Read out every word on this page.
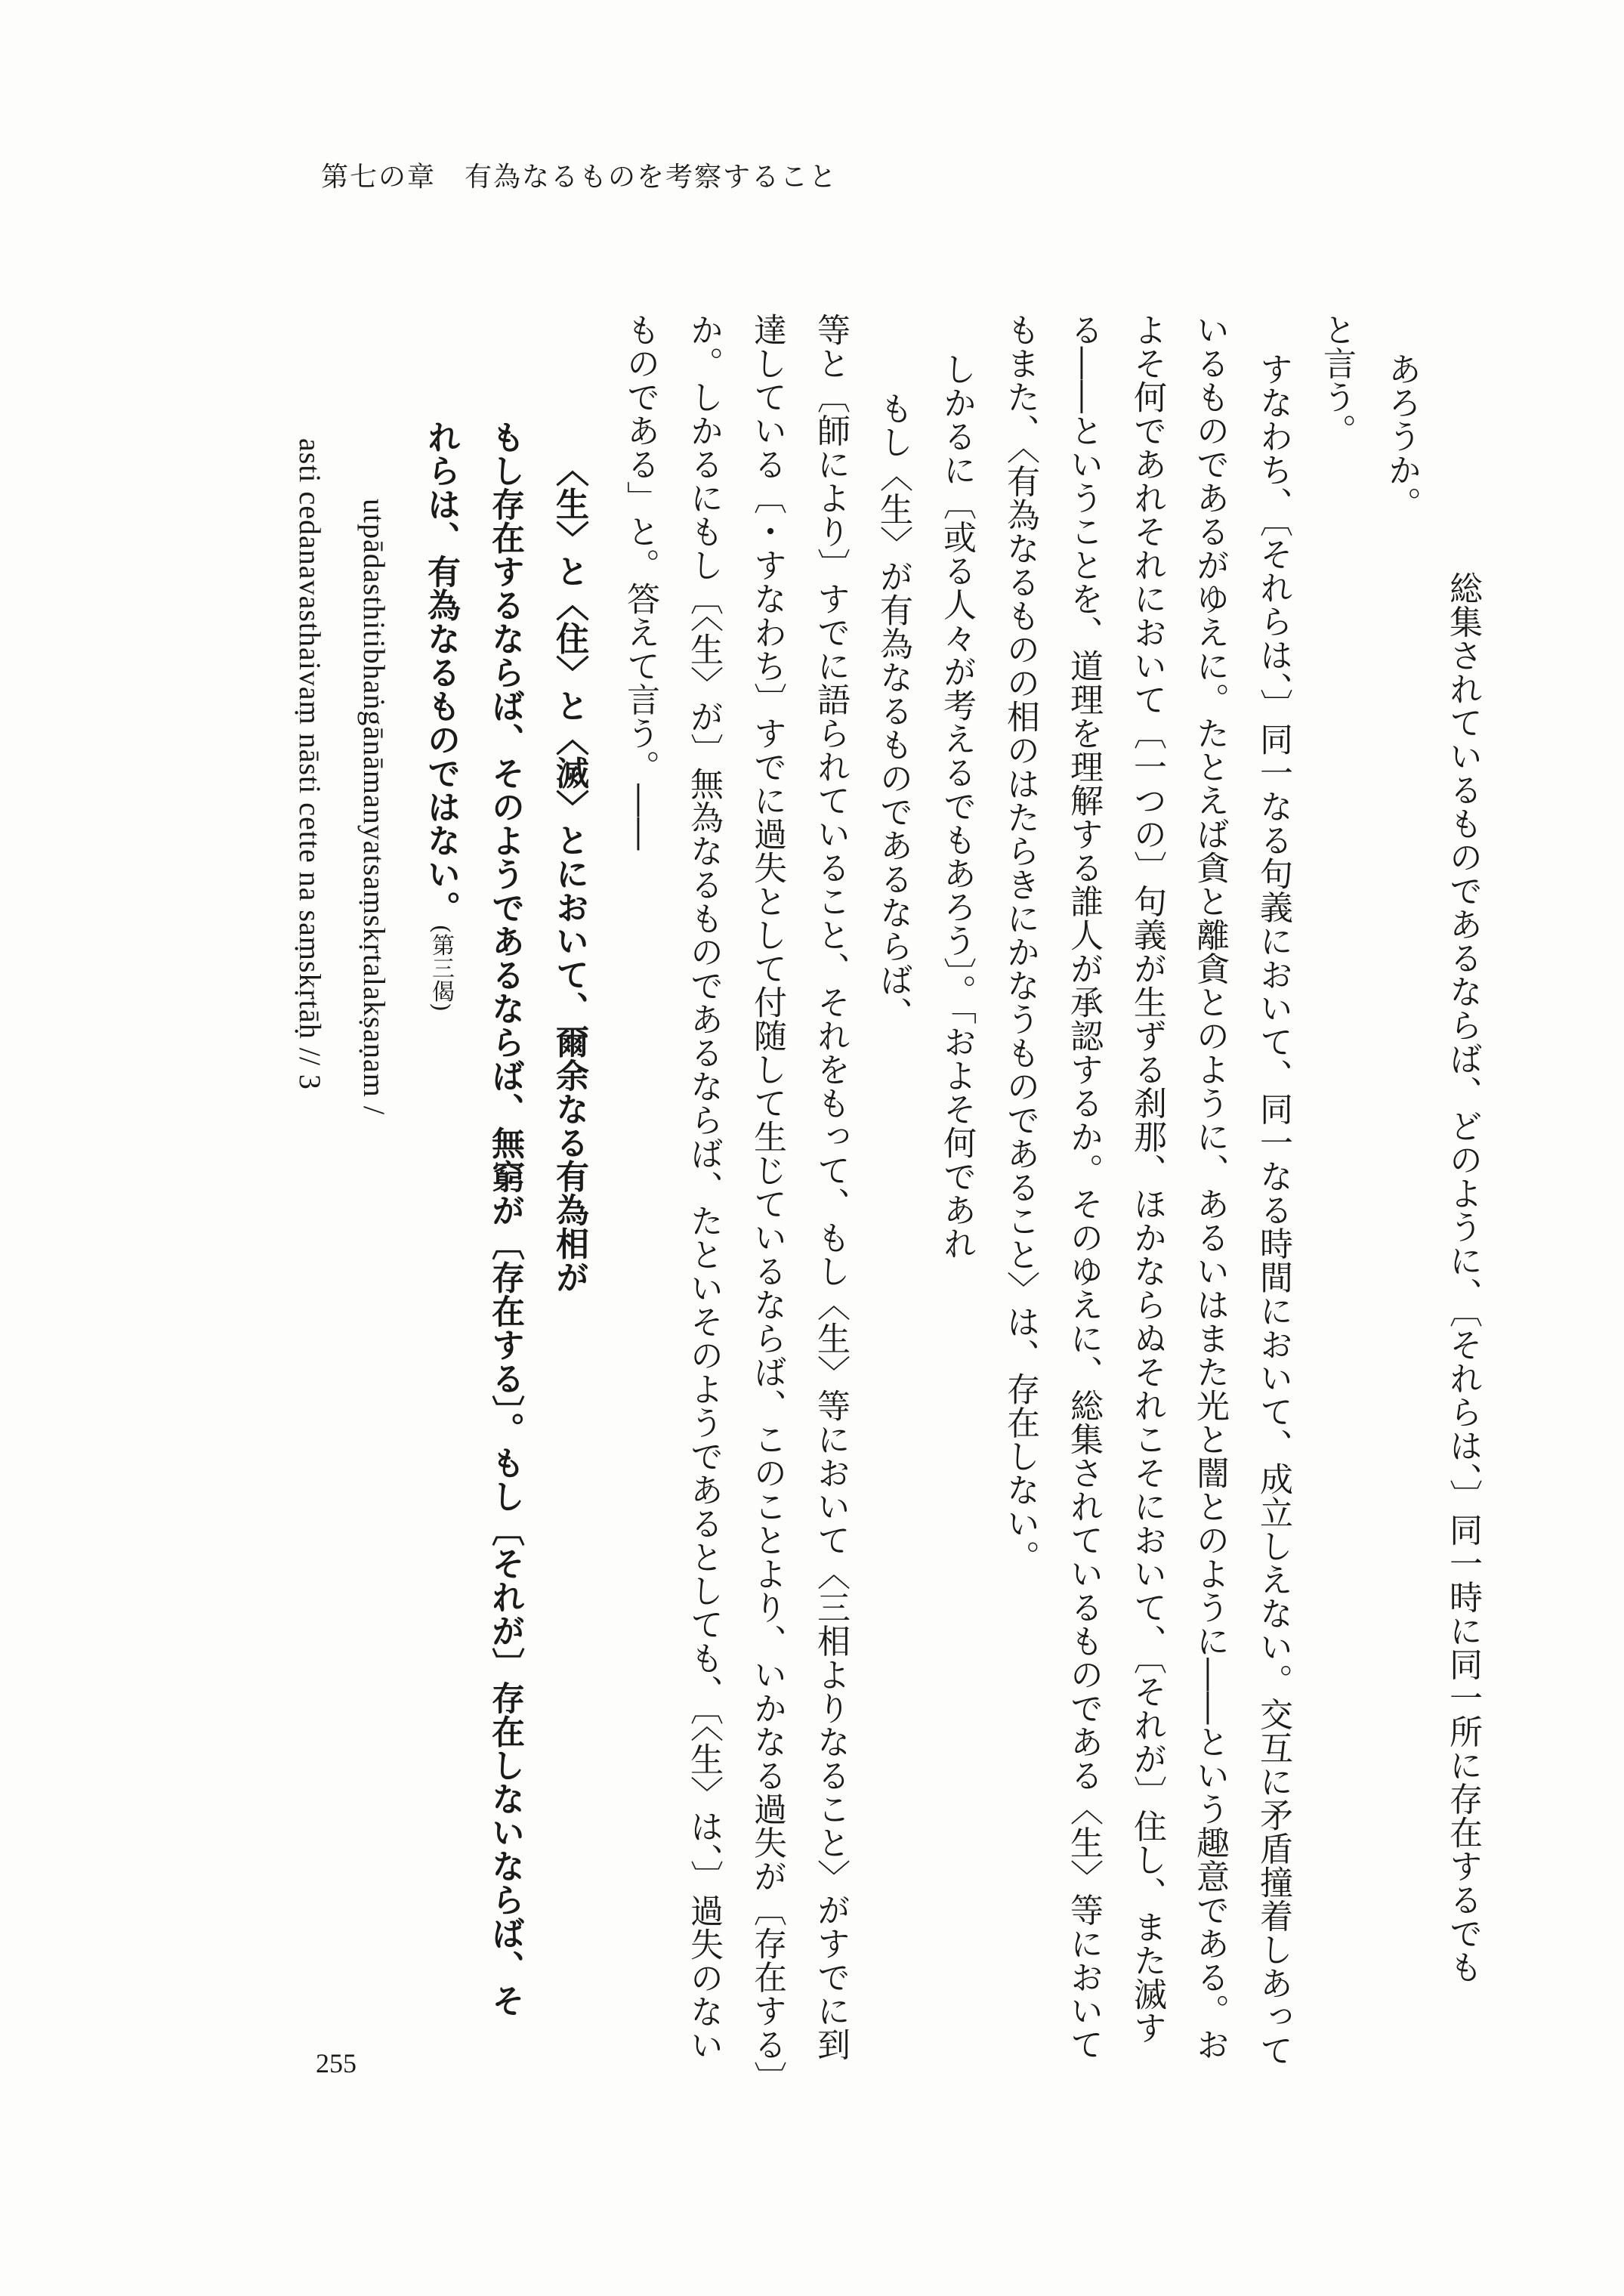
第七の章　有為なるものを考察すること
総集されているものであるならば、どのように、〔それらは、〕同一時に同一所に存在するでも
あろうか。
と言う。
すなわち、〔それらは、〕同一なる句義において、同一なる時間において、成立しえない。交互に矛盾撞着しあって
いるものであるがゆえに。たとえば貪と離貪とのように、あるいはまた光と闇とのように――という趣意である。お
よそ何であれそれにおいて〔一つの〕句義が生ずる刹那、ほかならぬそれこそにおいて、〔それが〕住し、また滅す
る――ということを、道理を理解する誰人が承認するか。そのゆえに、総集されているものである〈生〉等において
もまた、〈有為なるものの相のはたらきにかなうものであること〉は、存在しない。
しかるに〔或る人々が考えるでもあろう〕。「およそ何であれ
もし〈生〉が有為なるものであるならば、
等と〔師により〕すでに語られていること、それをもって、もし〈生〉等において〈三相よりなること〉がすでに到
達している〔・すなわち〕すでに過失として付随して生じているならば、このことより、いかなる過失が〔存在する〕
か。しかるにもし〔〈生〉が〕無為なるものであるならば、たといそのようであるとしても、〔〈生〉は、〕過失のない
ものである」と。答えて言う。――
〈生〉と〈住〉と〈滅〉とにおいて、爾余なる有為相が
もし存在するならば、そのようであるならば、無窮が〔存在する〕。もし〔それが〕存在しないならば、そ
れらは、有為なるものではない。(第三偈)
utpādasthitibhaṅgānāmanyatsaṃskṛtalakṣaṇam /
asti cedanavasthaivaṃ nāsti cette na saṃskṛtāḥ // 3
255
